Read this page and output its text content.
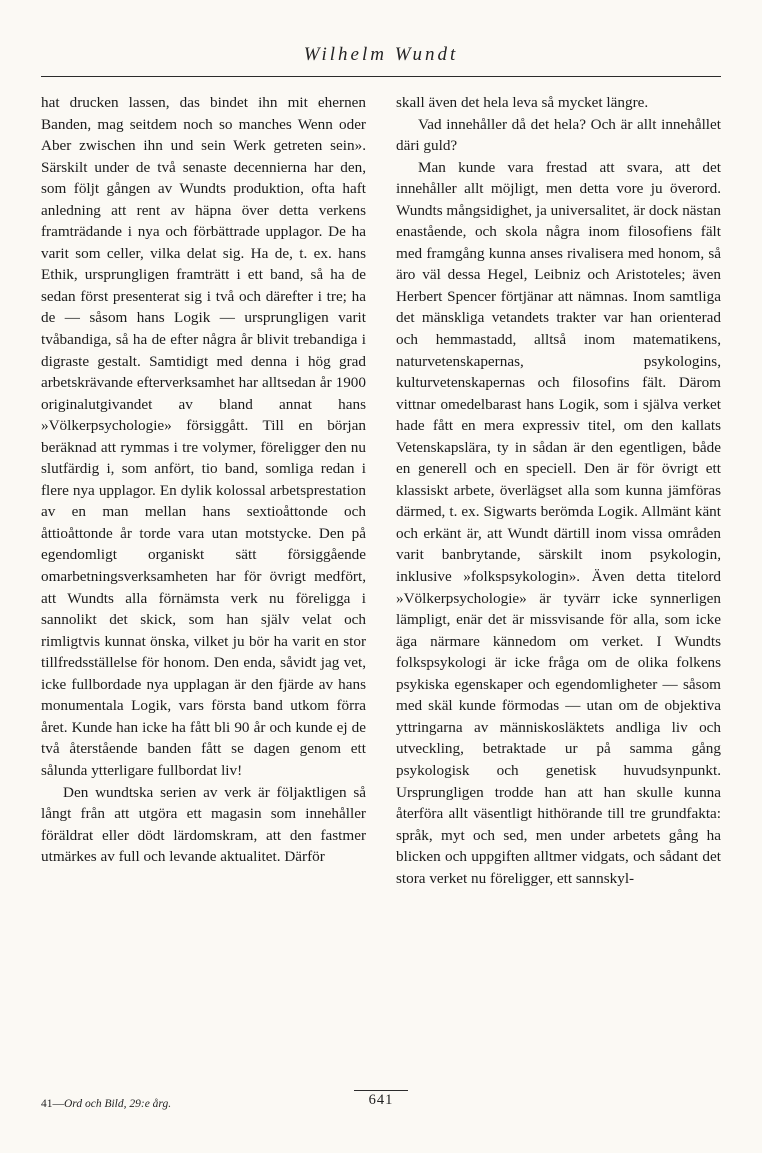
Wilhelm Wundt

hat drucken lassen, das bindet ihn mit ehernen Banden, mag seitdem noch so manches Wenn oder Aber zwischen ihn und sein Werk getreten sein». Särskilt under de två senaste decennierna har den, som följt gången av Wundts produktion, ofta haft anledning att rent av häpna över detta verkens framträdande i nya och förbättrade upplagor. De ha varit som celler, vilka delat sig. Ha de, t. ex. hans Ethik, ursprungligen framträtt i ett band, så ha de sedan först presenterat sig i två och därefter i tre; ha de — såsom hans Logik — ursprungligen varit tvåbandiga, så ha de efter några år blivit trebandiga i digraste gestalt. Samtidigt med denna i hög grad arbetskrävande efterverksamhet har alltsedan år 1900 originalutgivandet av bland annat hans »Völkerpsychologie» försiggått. Till en början beräknad att rymmas i tre volymer, föreligger den nu slutfärdig i, som anfört, tio band, somliga redan i flere nya upplagor. En dylik kolossal arbetsprestation av en man mellan hans sextioåttonde och åttioåttonde år torde vara utan motstycke. Den på egendomligt organiskt sätt försiggående omarbetningsverksamheten har för övrigt medfört, att Wundts alla förnämsta verk nu föreligga i sannolikt det skick, som han själv velat och rimligtvis kunnat önska, vilket ju bör ha varit en stor tillfredsställelse för honom. Den enda, såvidt jag vet, icke fullbordade nya upplagan är den fjärde av hans monumentala Logik, vars första band utkom förra året. Kunde han icke ha fått bli 90 år och kunde ej de två återstående banden fått se dagen genom ett sålunda ytterligare fullbordat liv!

Den wundtska serien av verk är följaktligen så långt från att utgöra ett magasin som innehåller föräldrat eller dödt lärdomskram, att den fastmer utmärkes av full och levande aktualitet. Därför

skall även det hela leva så mycket längre.

Vad innehåller då det hela? Och är allt innehållet däri guld?

Man kunde vara frestad att svara, att det innehåller allt möjligt, men detta vore ju överord. Wundts mångsidighet, ja universalitet, är dock nästan enastående, och skola några inom filosofiens fält med framgång kunna anses rivalisera med honom, så äro väl dessa Hegel, Leibniz och Aristoteles; även Herbert Spencer förtjänar att nämnas. Inom samtliga det mänskliga vetandets trakter var han orienterad och hemmastadd, alltså inom matematikens, naturvetenskapernas, psykologins, kulturvetenskapernas och filosofins fält. Därom vittnar omedelbarast hans Logik, som i själva verket hade fått en mera expressiv titel, om den kallats Vetenskapslära, ty in sådan är den egentligen, både en generell och en speciell. Den är för övrigt ett klassiskt arbete, överlägset alla som kunna jämföras därmed, t. ex. Sigwarts berömda Logik. Allmänt känt och erkänt är, att Wundt därtill inom vissa områden varit banbrytande, särskilt inom psykologin, inklusive »folkspsykologin». Även detta titelord »Völkerpsychologie» är tyvärr icke synnerligen lämpligt, enär det är missvisande för alla, som icke äga närmare kännedom om verket. I Wundts folkspsykologi är icke fråga om de olika folkens psykiska egenskaper och egendomligheter — såsom med skäl kunde förmodas — utan om de objektiva yttringarna av människosläktets andliga liv och utveckling, betraktade ur på samma gång psykologisk och genetisk huvudsynpunkt. Ursprungligen trodde han att han skulle kunna återföra allt väsentligt hithörande till tre grundfakta: språk, myt och sed, men under arbetets gång ha blicken och uppgiften alltmer vidgats, och sådant det stora verket nu föreligger, ett sannskyl-

41—Ord och Bild, 29:e årg.	641
